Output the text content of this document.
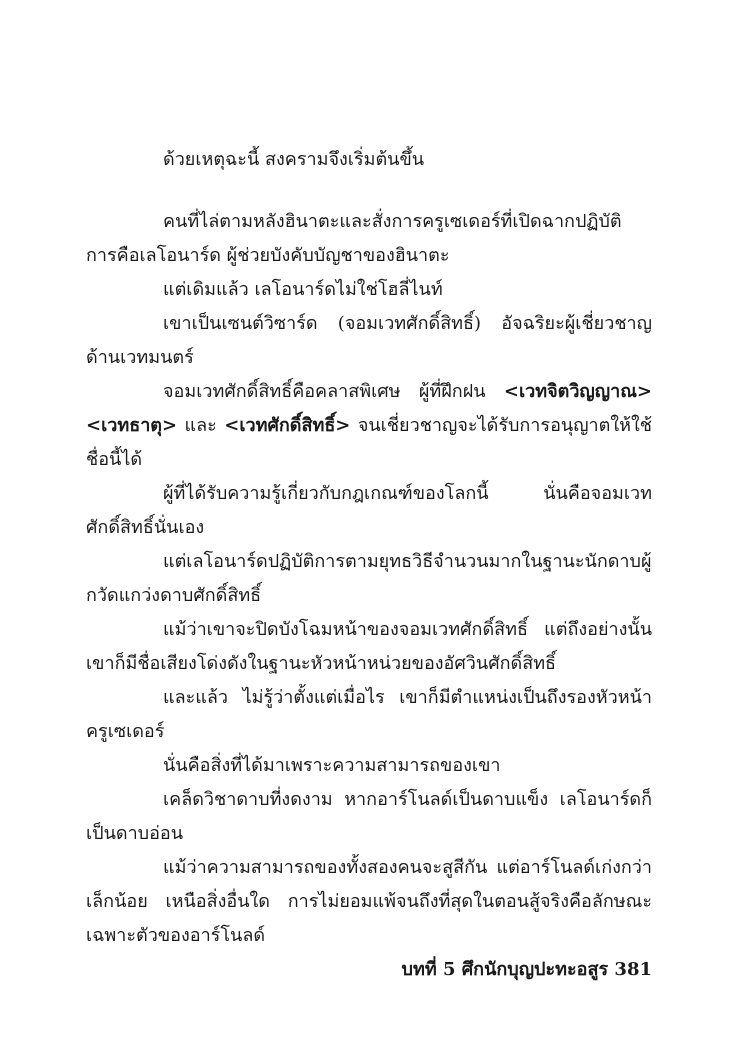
ด้วยเหตุฉะนี้ สงครามจึงเริ่มต้นขึ้น

คนที่ไล่ตามหลังฮินาตะและสั่งการครูเซเดอร์ที่เปิดฉากปฏิบัติการคือเลโอนาร์ด ผู้ช่วยบังคับบัญชาของฮินาตะ

แต่เดิมแล้ว เลโอนาร์ดไม่ใช่โฮลี่ไนท์

เขาเป็นเซนต์วิซาร์ด (จอมเวทศักดิ์สิทธิ์) อัจฉริยะผู้เชี่ยวชาญด้านเวทมนตร์

จอมเวทศักดิ์สิทธิ์คือคลาสพิเศษ ผู้ที่ฝึกฝน <เวทจิตวิญญาณ> <เวทธาตุ> และ <เวทศักดิ์สิทธิ์> จนเชี่ยวชาญจะได้รับการอนุญาตให้ใช้ชื่อนี้ได้

ผู้ที่ได้รับความรู้เกี่ยวกับกฎเกณฑ์ของโลกนี้ นั่นคือจอมเวทศักดิ์สิทธิ์นั่นเอง

แต่เลโอนาร์ดปฏิบัติการตามยุทธวิธีจำนวนมากในฐานะนักดาบผู้กวัดแกว่งดาบศักดิ์สิทธิ์

แม้ว่าเขาจะปิดบังโฉมหน้าของจอมเวทศักดิ์สิทธิ์ แต่ถึงอย่างนั้นเขาก็มีชื่อเสียงโด่งดังในฐานะหัวหน้าหน่วยของอัศวินศักดิ์สิทธิ์

และแล้ว ไม่รู้ว่าตั้งแต่เมื่อไร เขาก็มีตำแหน่งเป็นถึงรองหัวหน้าครูเซเดอร์

นั่นคือสิ่งที่ได้มาเพราะความสามารถของเขา

เคล็ดวิชาดาบที่งดงาม หากอาร์โนลด์เป็นดาบแข็ง เลโอนาร์ดก็เป็นดาบอ่อน

แม้ว่าความสามารถของทั้งสองคนจะสูสีกัน แต่อาร์โนลด์เก่งกว่าเล็กน้อย เหนือสิ่งอื่นใด การไม่ยอมแพ้จนถึงที่สุดในตอนสู้จริงคือลักษณะเฉพาะตัวของอาร์โนลด์

บทที่ 5 ศึกนักบุญปะทะอสูร 381
